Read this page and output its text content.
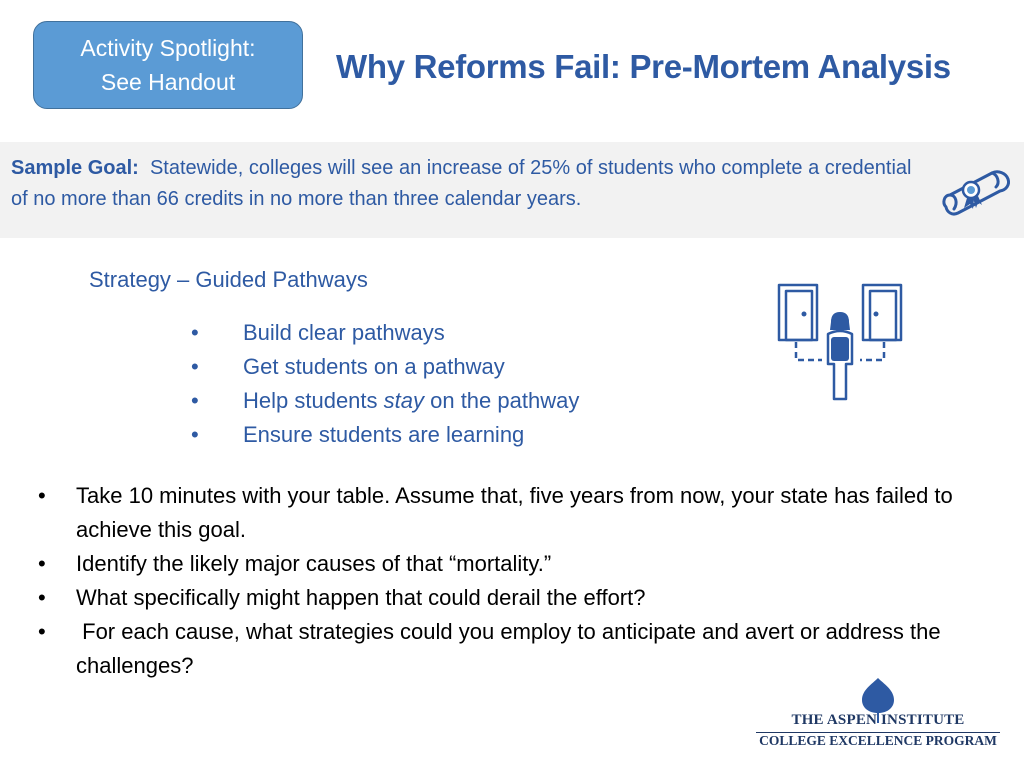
Activity Spotlight:
See Handout	Why Reforms Fail: Pre-Mortem Analysis
Sample Goal: Statewide, colleges will see an increase of 25% of students who complete a credential of no more than 66 credits in no more than three calendar years.
Strategy – Guided Pathways
• Build clear pathways
• Get students on a pathway
• Help students stay on the pathway
• Ensure students are learning
• Take 10 minutes with your table. Assume that, five years from now, your state has failed to achieve this goal.
• Identify the likely major causes of that “mortality.”
• What specifically might happen that could derail the effort?
• For each cause, what strategies could you employ to anticipate and avert or address the challenges?
THE ASPEN INSTITUTE
COLLEGE EXCELLENCE PROGRAM
